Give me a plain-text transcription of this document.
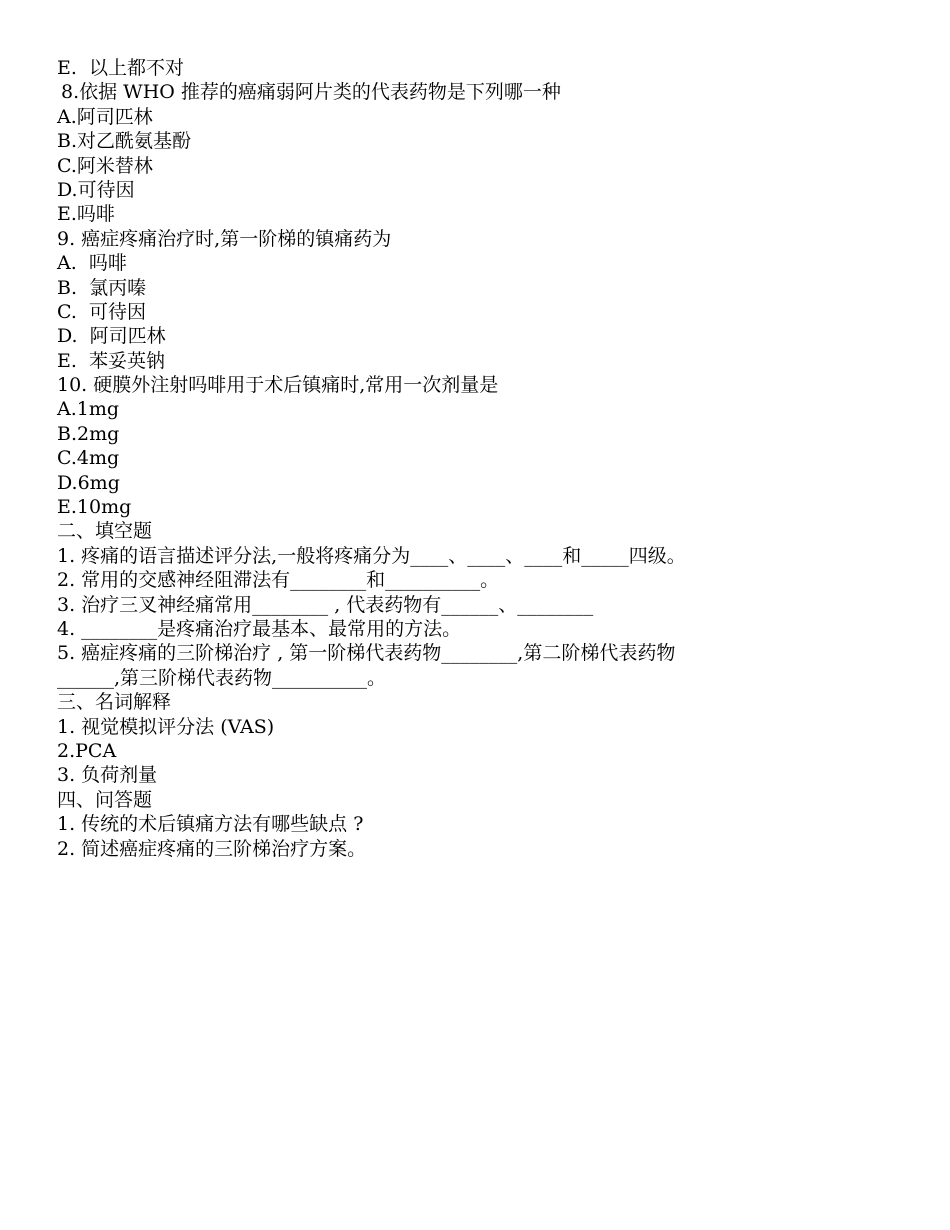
E.  以上都不对
8.依据 WHO 推荐的癌痛弱阿片类的代表药物是下列哪一种
A.阿司匹林
B.对乙酰氨基酚
C.阿米替林
D.可待因
E.吗啡
9. 癌症疼痛治疗时,第一阶梯的镇痛药为
A.  吗啡
B.  氯丙嗪
C.  可待因
D.  阿司匹林
E.  苯妥英钠
10. 硬膜外注射吗啡用于术后镇痛时,常用一次剂量是
A.1mg
B.2mg
C.4mg
D.6mg
E.10mg
二、填空题
1. 疼痛的语言描述评分法,一般将疼痛分为____、____、____和_____四级。
2. 常用的交感神经阻滞法有________和__________。
3. 治疗三叉神经痛常用________ , 代表药物有______、________
4. ________是疼痛治疗最基本、最常用的方法。
5. 癌症疼痛的三阶梯治疗 , 第一阶梯代表药物________,第二阶梯代表药物
______,第三阶梯代表药物__________。
三、名词解释
1. 视觉模拟评分法 (VAS)
2.PCA
3. 负荷剂量
四、问答题
1. 传统的术后镇痛方法有哪些缺点 ?
2. 简述癌症疼痛的三阶梯治疗方案。
